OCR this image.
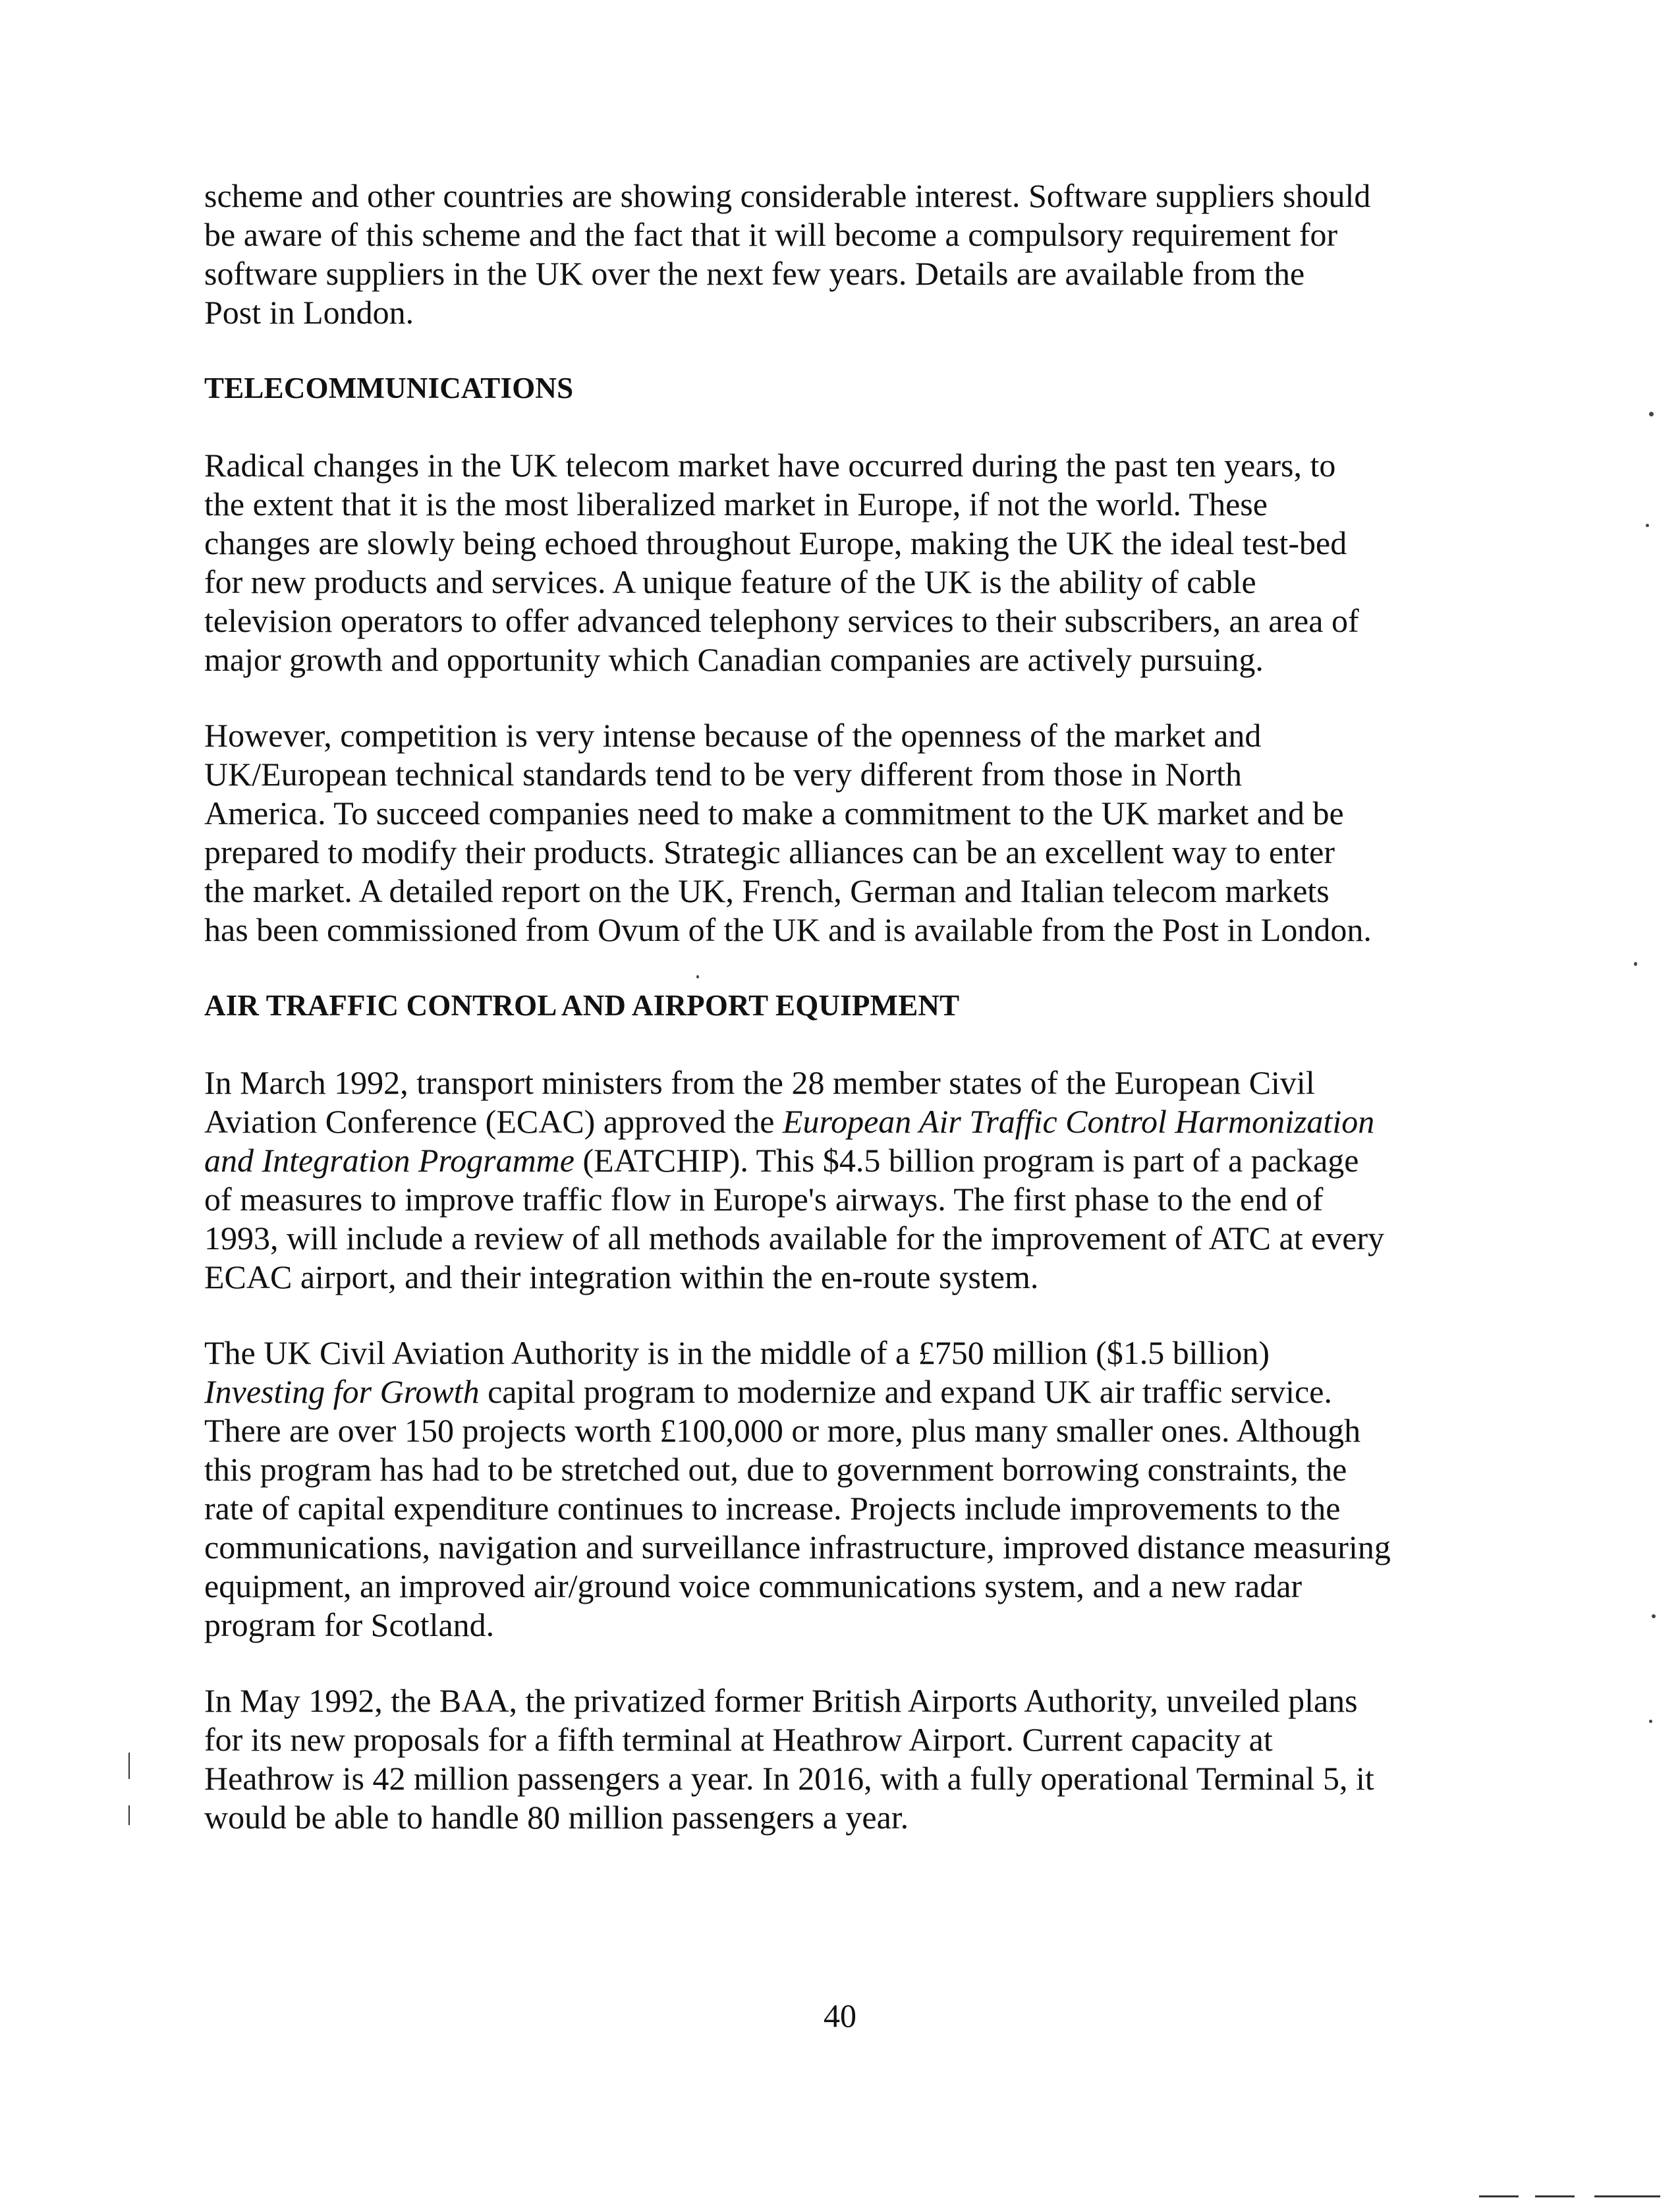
scheme and other countries are showing considerable interest. Software suppliers should

be aware of this scheme and the fact that it will become a compulsory requirement for

software suppliers in the UK over the next few years. Details are available from the

Post in London.

TELECOMMUNICATIONS

Radical changes in the UK telecom market have occurred during the past ten years, to

the extent that it is the most liberalized market in Europe, if not the world. These

changes are slowly being echoed throughout Europe, making the UK the ideal test-bed

for new products and services. A unique feature of the UK is the ability of cable

television operators to offer advanced telephony services to their subscribers, an area of

major growth and opportunity which Canadian companies are actively pursuing.

However, competition is very intense because of the openness of the market and

UK/European technical standards tend to be very different from those in North

America. To succeed companies need to make a commitment to the UK market and be

prepared to modify their products. Strategic alliances can be an excellent way to enter

the market. A detailed report on the UK, French, German and Italian telecom markets

has been commissioned from Ovum of the UK and is available from the Post in London.

AIR TRAFFIC CONTROL AND AIRPORT EQUIPMENT

In March 1992, transport ministers from the 28 member states of the European Civil

Aviation Conference (ECAC) approved the European Air Traffic Control Harmonization

and Integration Programme (EATCHIP). This $4.5 billion program is part of a package

of measures to improve traffic flow in Europe's airways. The first phase to the end of

1993, will include a review of all methods available for the improvement of ATC at every

ECAC airport, and their integration within the en-route system.

The UK Civil Aviation Authority is in the middle of a £750 million ($1.5 billion)

Investing for Growth capital program to modernize and expand UK air traffic service.

There are over 150 projects worth £100,000 or more, plus many smaller ones. Although

this program has had to be stretched out, due to government borrowing constraints, the

rate of capital expenditure continues to increase. Projects include improvements to the

communications, navigation and surveillance infrastructure, improved distance measuring

equipment, an improved air/ground voice communications system, and a new radar

program for Scotland.

In May 1992, the BAA, the privatized former British Airports Authority, unveiled plans

for its new proposals for a fifth terminal at Heathrow Airport. Current capacity at

Heathrow is 42 million passengers a year. In 2016, with a fully operational Terminal 5, it

would be able to handle 80 million passengers a year.

40
